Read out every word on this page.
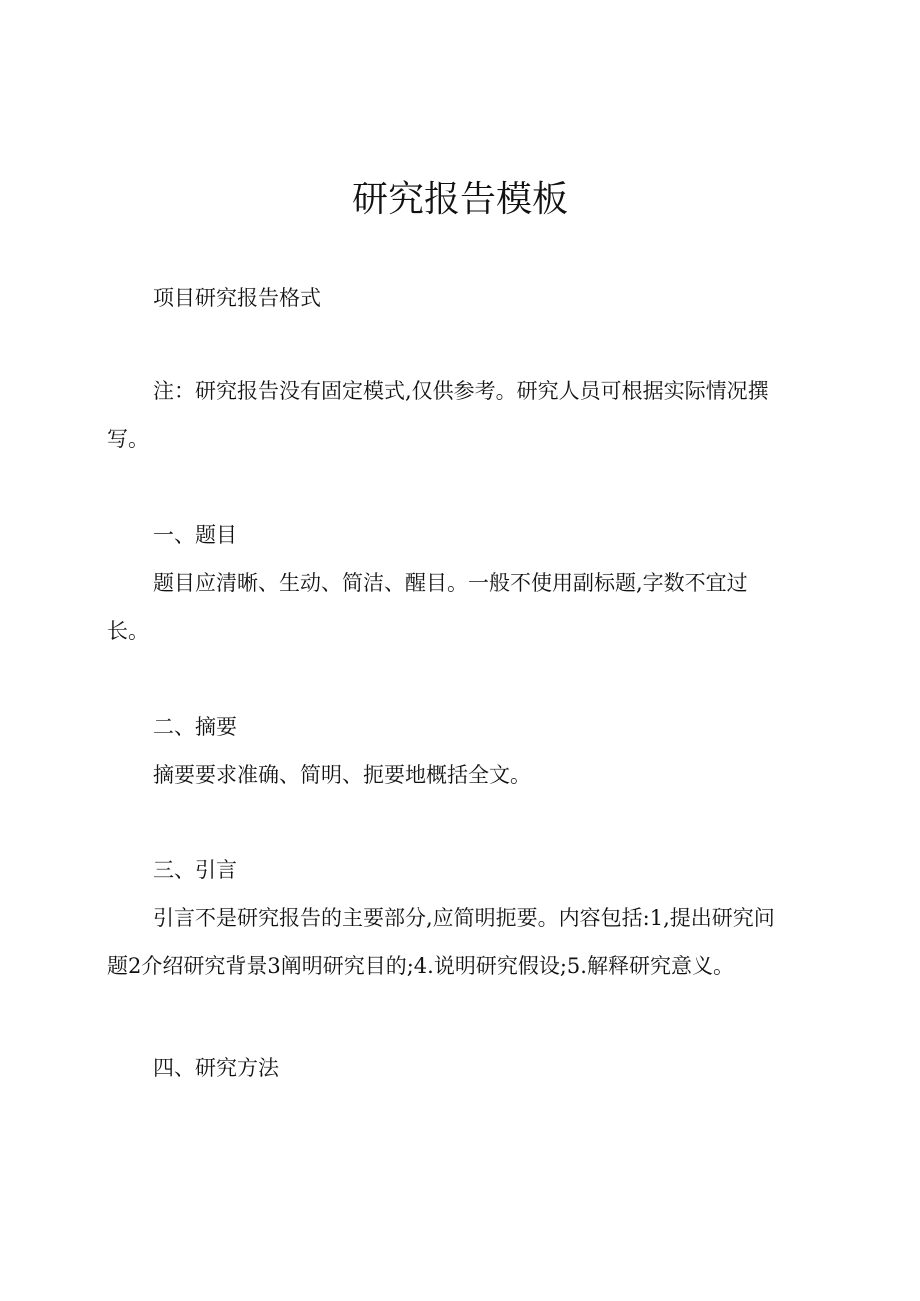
研究报告模板

项目研究报告格式

注：研究报告没有固定模式,仅供参考。研究人员可根据实际情况撰

写。

一、题目

题目应清晰、生动、简洁、醒目。一般不使用副标题,字数不宜过

长。

二、摘要

摘要要求准确、简明、扼要地概括全文。

三、引言

引言不是研究报告的主要部分,应简明扼要。内容包括:1,提出研究问

题2介绍研究背景3阐明研究目的;4.说明研究假设;5.解释研究意义。

四、研究方法
